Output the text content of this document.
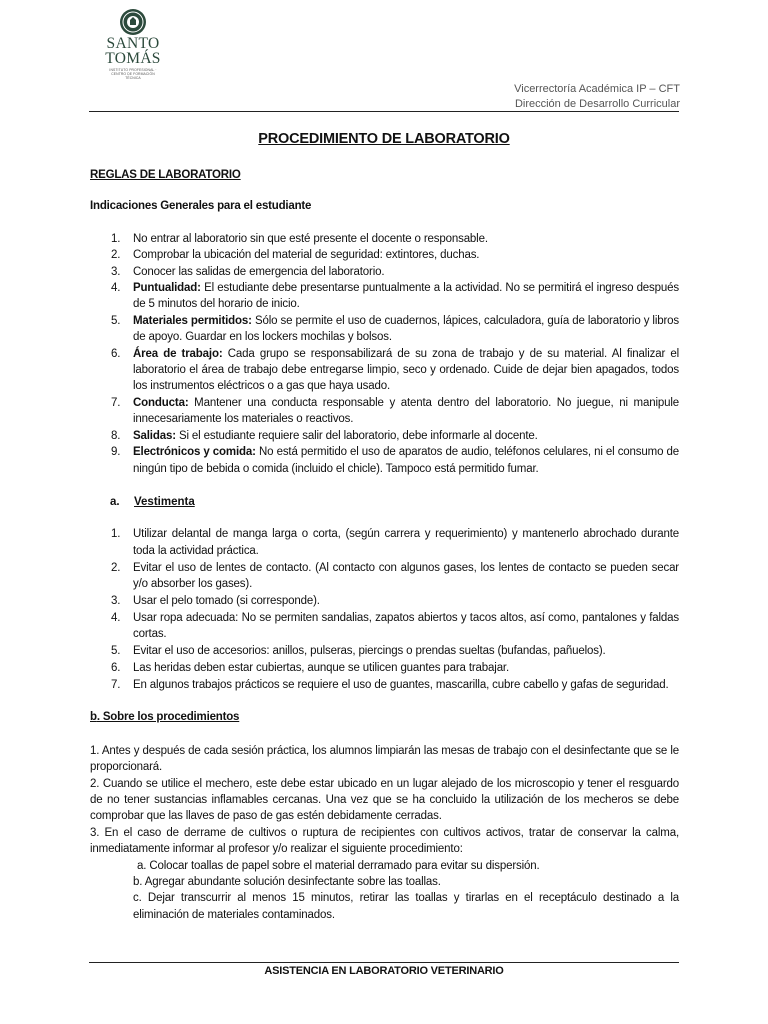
SANTO
TOMÁS
INSTITUTO PROFESIONAL · CENTRO DE FORMACIÓN TÉCNICA
Vicerrectoría Académica IP – CFT
Dirección de Desarrollo Curricular
PROCEDIMIENTO DE LABORATORIO
REGLAS DE LABORATORIO
Indicaciones Generales para el estudiante
1. No entrar al laboratorio sin que esté presente el docente o responsable.
2. Comprobar la ubicación del material de seguridad: extintores, duchas.
3. Conocer las salidas de emergencia del laboratorio.
4. Puntualidad: El estudiante debe presentarse puntualmente a la actividad. No se permitirá el ingreso después de 5 minutos del horario de inicio.
5. Materiales permitidos: Sólo se permite el uso de cuadernos, lápices, calculadora, guía de laboratorio y libros de apoyo. Guardar en los lockers mochilas y bolsos.
6. Área de trabajo: Cada grupo se responsabilizará de su zona de trabajo y de su material. Al finalizar el laboratorio el área de trabajo debe entregarse limpio, seco y ordenado. Cuide de dejar bien apagados, todos los instrumentos eléctricos o a gas que haya usado.
7. Conducta: Mantener una conducta responsable y atenta dentro del laboratorio. No juegue, ni manipule innecesariamente los materiales o reactivos.
8. Salidas: Si el estudiante requiere salir del laboratorio, debe informarle al docente.
9. Electrónicos y comida: No está permitido el uso de aparatos de audio, teléfonos celulares, ni el consumo de ningún tipo de bebida o comida (incluido el chicle). Tampoco está permitido fumar.
a. Vestimenta
1. Utilizar delantal de manga larga o corta, (según carrera y requerimiento) y mantenerlo abrochado durante toda la actividad práctica.
2. Evitar el uso de lentes de contacto. (Al contacto con algunos gases, los lentes de contacto se pueden secar y/o absorber los gases).
3. Usar el pelo tomado (si corresponde).
4. Usar ropa adecuada: No se permiten sandalias, zapatos abiertos y tacos altos, así como, pantalones y faldas cortas.
5. Evitar el uso de accesorios: anillos, pulseras, piercings o prendas sueltas (bufandas, pañuelos).
6. Las heridas deben estar cubiertas, aunque se utilicen guantes para trabajar.
7. En algunos trabajos prácticos se requiere el uso de guantes, mascarilla, cubre cabello y gafas de seguridad.
b. Sobre los procedimientos
1. Antes y después de cada sesión práctica, los alumnos limpiarán las mesas de trabajo con el desinfectante que se le proporcionará.
2. Cuando se utilice el mechero, este debe estar ubicado en un lugar alejado de los microscopio y tener el resguardo de no tener sustancias inflamables cercanas. Una vez que se ha concluido la utilización de los mecheros se debe comprobar que las llaves de paso de gas estén debidamente cerradas.
3. En el caso de derrame de cultivos o ruptura de recipientes con cultivos activos, tratar de conservar la calma, inmediatamente informar al profesor y/o realizar el siguiente procedimiento:
a. Colocar toallas de papel sobre el material derramado para evitar su dispersión.
b. Agregar abundante solución desinfectante sobre las toallas.
c. Dejar transcurrir al menos 15 minutos, retirar las toallas y tirarlas en el receptáculo destinado a la eliminación de materiales contaminados.
ASISTENCIA EN LABORATORIO VETERINARIO
